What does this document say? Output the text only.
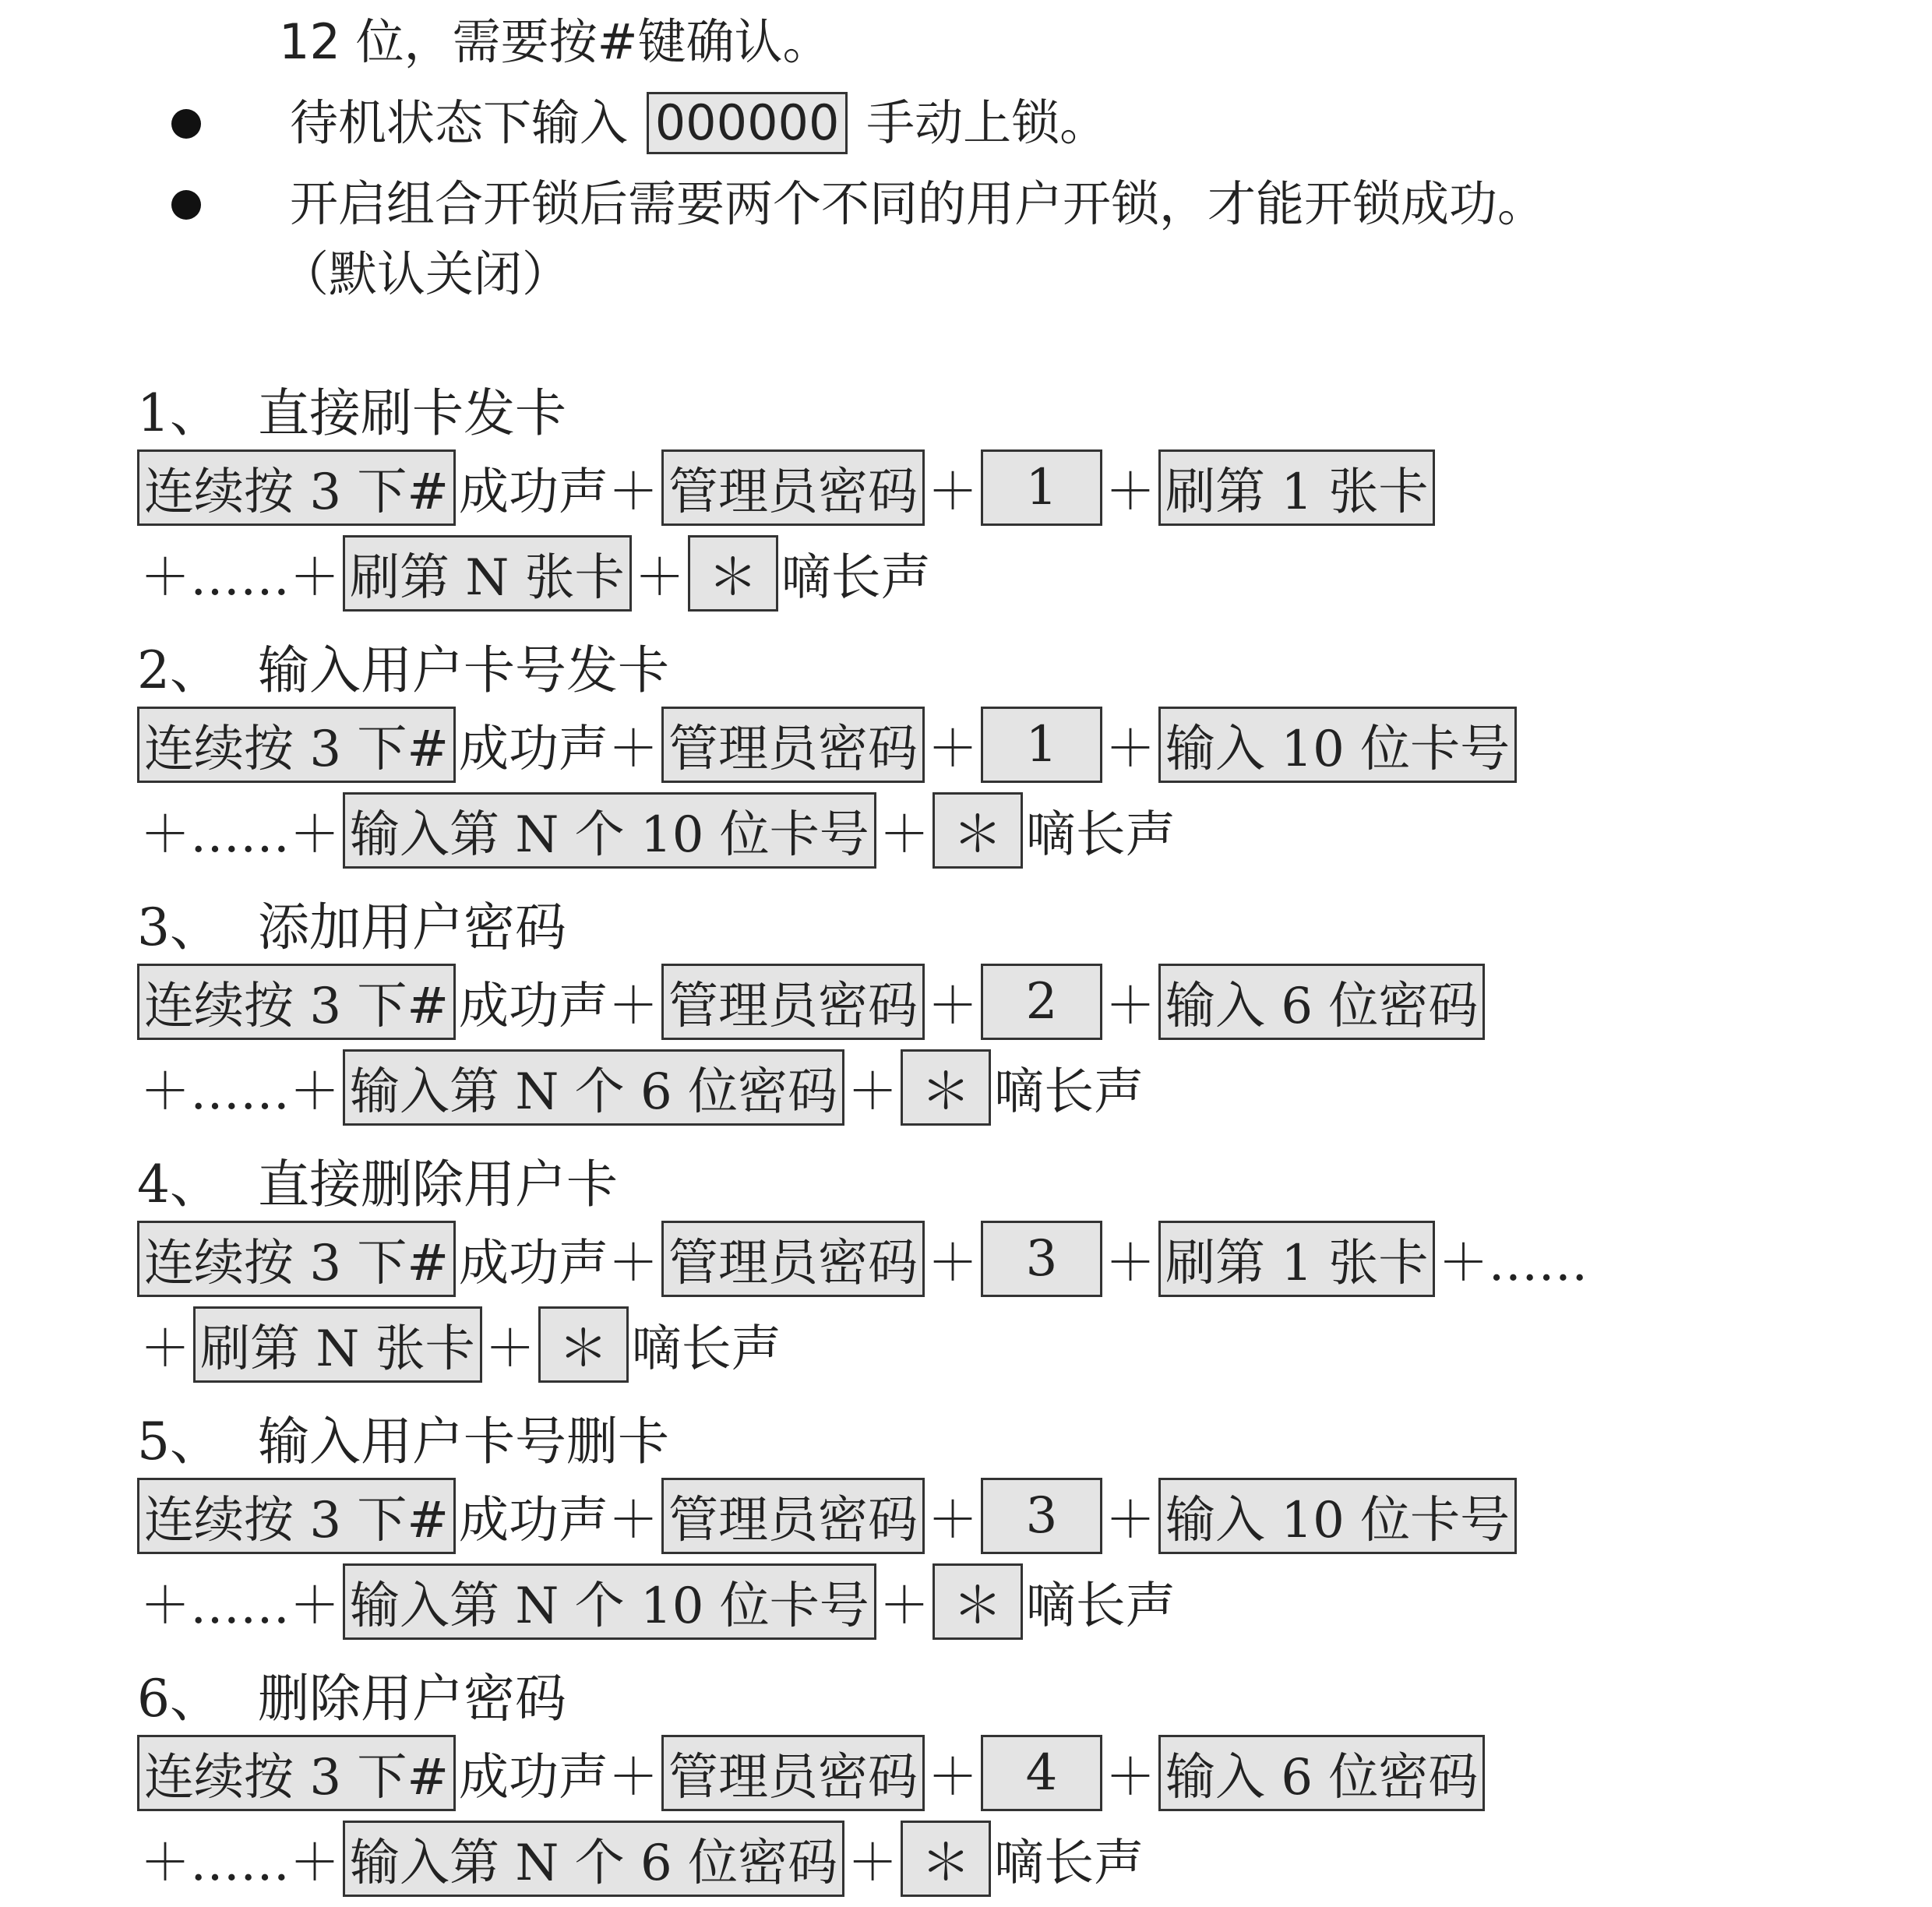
12 位，需要按#键确认。
待机状态下输入 000000 手动上锁。
开启组合开锁后需要两个不同的用户开锁，才能开锁成功。
（默认关闭）
1、 直接刷卡发卡
连续按 3 下# 成功声＋ 管理员密码 ＋ 1 ＋ 刷第 1 张卡
＋……＋ 刷第 N 张卡 ＋ ＊ 嘀长声
2、 输入用户卡号发卡
连续按 3 下# 成功声＋ 管理员密码 ＋ 1 ＋ 输入 10 位卡号
＋……＋ 输入第 N 个 10 位卡号 ＋ ＊ 嘀长声
3、 添加用户密码
连续按 3 下# 成功声＋ 管理员密码 ＋ 2 ＋ 输入 6 位密码
＋……＋ 输入第 N 个 6 位密码 ＋ ＊ 嘀长声
4、 直接删除用户卡
连续按 3 下# 成功声＋ 管理员密码 ＋ 3 ＋ 刷第 1 张卡 ＋……
＋ 刷第 N 张卡 ＋ ＊ 嘀长声
5、 输入用户卡号删卡
连续按 3 下# 成功声＋ 管理员密码 ＋ 3 ＋ 输入 10 位卡号
＋……＋ 输入第 N 个 10 位卡号 ＋ ＊ 嘀长声
6、 删除用户密码
连续按 3 下# 成功声＋ 管理员密码 ＋ 4 ＋ 输入 6 位密码
＋……＋ 输入第 N 个 6 位密码 ＋ ＊ 嘀长声
